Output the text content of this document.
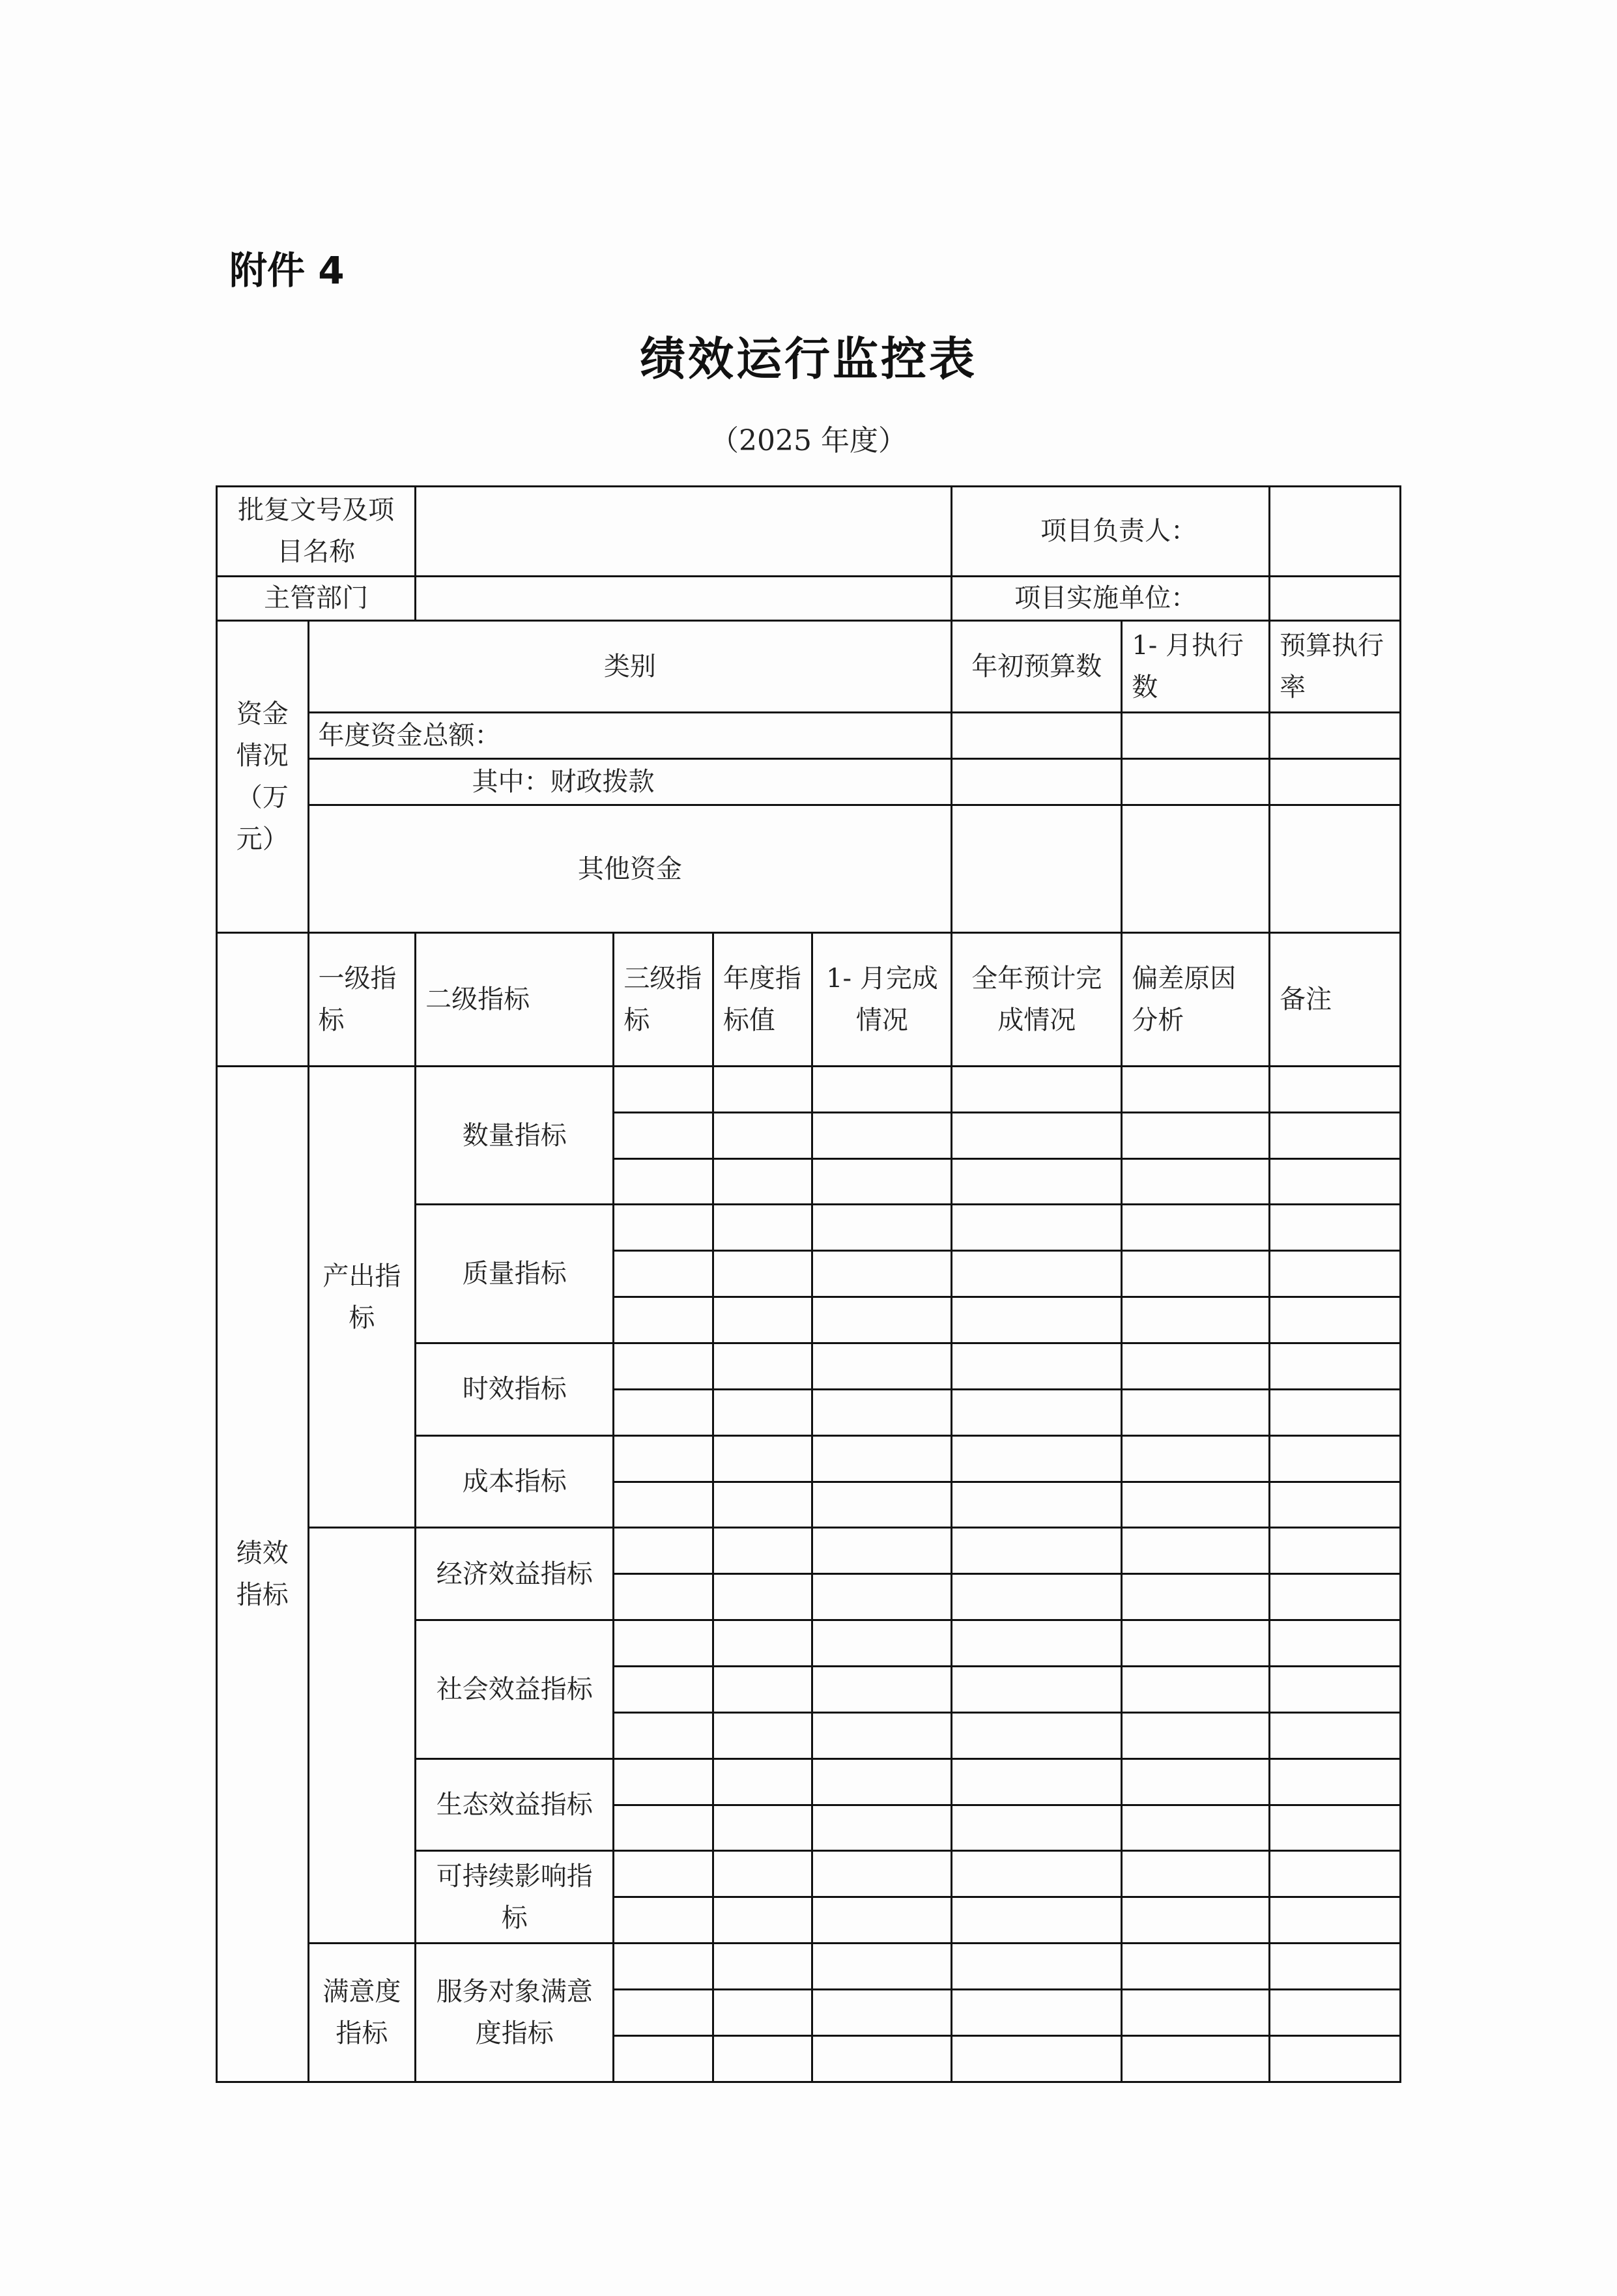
附件 4
绩效运行监控表
（2025 年度）
批复文号及项目名称						项目负责人：		
主管部门						项目实施单位：		
资金情况（万元）	类别					年初预算数	1- 月执行数	预算执行率
	年度资金总额：							
	其中：财政拨款							
	其他资金							
	一级指标	二级指标	三级指标	年度指标值	1- 月完成情况	全年预计完成情况	偏差原因分析	备注
绩效指标	产出指标	数量指标						

		质量指标						

		时效指标						

		成本指标						

		经济效益指标						

		社会效益指标						

		生态效益指标						

		可持续影响指标						

	满意度指标	服务对象满意度指标						
